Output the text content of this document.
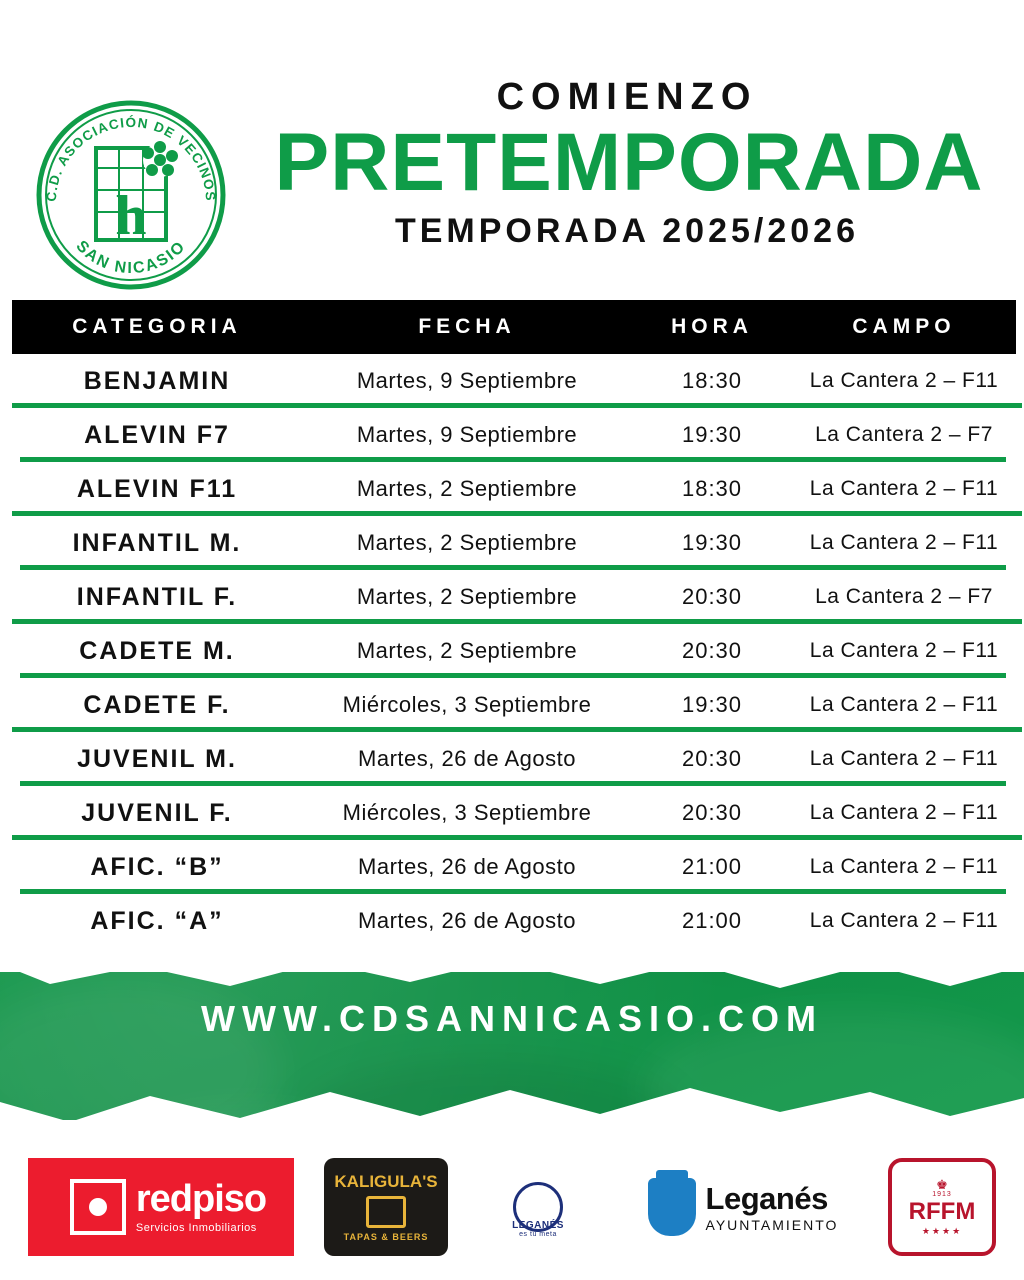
C.D. ASOCIACIÓN DE VECINOS
SAN NICASIO
h
COMIENZO
PRETEMPORADA
TEMPORADA 2025/2026
CATEGORIA	FECHA	HORA	CAMPO
BENJAMIN	Martes, 9 Septiembre	18:30	La Cantera 2 – F11
ALEVIN F7	Martes, 9 Septiembre	19:30	La Cantera 2 – F7
ALEVIN F11	Martes, 2 Septiembre	18:30	La Cantera 2 – F11
INFANTIL M.	Martes, 2 Septiembre	19:30	La Cantera 2 – F11
INFANTIL F.	Martes, 2 Septiembre	20:30	La Cantera 2 – F7
CADETE M.	Martes, 2 Septiembre	20:30	La Cantera 2 – F11
CADETE F.	Miércoles, 3 Septiembre	19:30	La Cantera 2 – F11
JUVENIL M.	Martes, 26 de Agosto	20:30	La Cantera 2 – F11
JUVENIL F.	Miércoles, 3 Septiembre	20:30	La Cantera 2 – F11
AFIC. “B”	Martes, 26 de Agosto	21:00	La Cantera 2 – F11
AFIC. “A”	Martes, 26 de Agosto	21:00	La Cantera 2 – F11
WWW.CDSANNICASIO.COM
redpiso
Servicios Inmobiliarios
KALIGULA'S
TAPAS & BEERS
LEGANÉS
es tu meta
Leganés
AYUNTAMIENTO
♚
1913
RFFM
★★★★
